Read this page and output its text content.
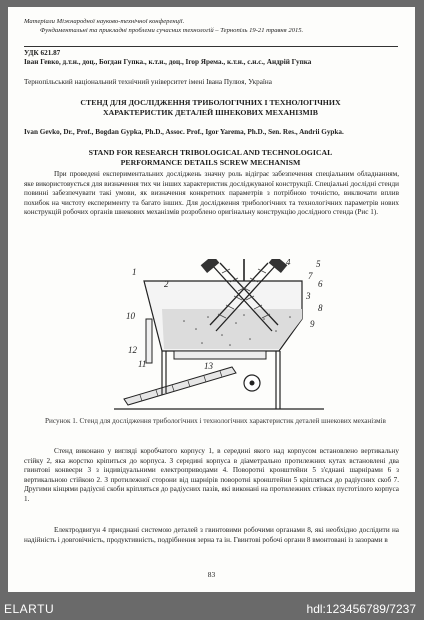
Матеріали Міжнародної науково-технічної конференції.
Фундаментальні та прикладні проблеми сучасних технологій – Тернопіль 19-21 травня 2015.
УДК 621.87
Іван Гевко, д.т.н., доц., Богдан Гупка., к.т.н., доц., Ігор Ярема., к.т.н., с.н.с., Андрій Гупка
Тернопільський національний технічний університет імені Івана Пулюя, Україна
СТЕНД ДЛЯ ДОСЛІДЖЕННЯ ТРИБОЛОГІЧНИХ І ТЕХНОЛОГІЧНИХ ХАРАКТЕРИСТИК ДЕТАЛЕЙ ШНЕКОВИХ МЕХАНІЗМІВ
Ivan Gevko, Dr., Prof., Bogdan Gypka, Ph.D., Assoc. Prof., Igor Yarema, Ph.D., Sen. Res., Andrii Gypka.
STAND FOR RESEARCH TRIBOLOGICAL AND TECHNOLOGICAL PERFORMANCE DETAILS SCREW MECHANISM
При проведені експериментальних досліджень значну роль відіграє забезпечення спеціальним обладнанням, яке використовується для визначення тих чи інших характеристик досліджуваної конструкції. Спеціальні дослідні стенди повинні забезпечувати такі умови, як визначення конкретних параметрів з потрібною точністю, виключати вплив похибок на чистоту експерименту та багато інших. Для дослідження трибологічних та технологічних параметрів нових конструкцій робочих органів шнекових механізмів розроблено оригінальну конструкцію дослідного стенда (Рис 1).
1
2
3
4	5
6
7
8
9
10
11
12
13
Рисунок 1. Стенд для дослідження трибологічних і технологічних характеристик деталей шнекових механізмів
Стенд виконано у вигляді коробчатого корпусу 1, в середині якого над корпусом встановлено вертикальну стійку 2, яка жорстко кріпиться до корпуса. З середині корпуса в діаметрально протилежних кутах встановлені два гвинтові конвеєри 3 з індивідуальними електроприводами 4. Поворотні кронштейни 5 з'єднані шарнірами 6 з вертикальною стійкою 2. З протилежної сторони від шарнірів поворотні кронштейни 5 кріпляться до радіусних скоб 7. Другими кінцями радіусні скоби кріпляться до радіусних пазів, які виконані на протилежних стінках пустотілого корпуса 1.
Електродвигун 4 приєднані системою деталей з гвинтовими робочими органами 8, які необхідно дослідити на надійність і довговічність, продуктивність, подрібнення зерна та ін. Гвинтові робочі органи 8 вмонтовані із зазорами в
83
ELARTU	hdl:123456789/7237
